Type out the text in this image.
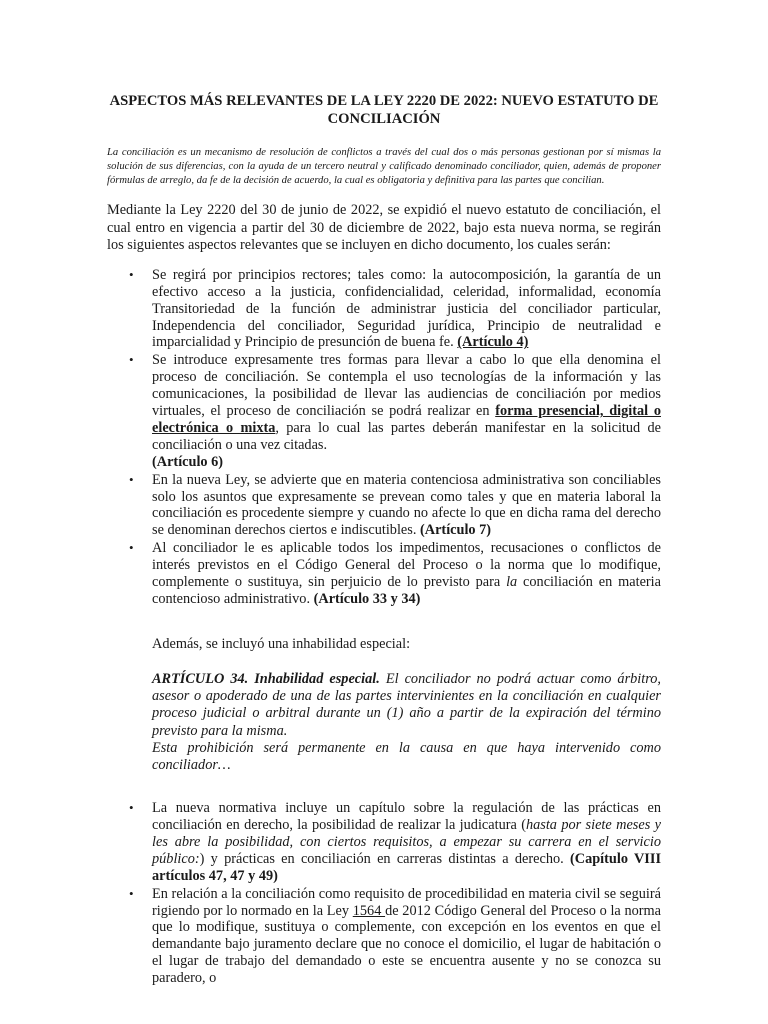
ASPECTOS MÁS RELEVANTES DE LA LEY 2220 DE 2022: NUEVO ESTATUTO DE CONCILIACIÓN

La conciliación es un mecanismo de resolución de conflictos a través del cual dos o más personas gestionan por sí mismas la solución de sus diferencias, con la ayuda de un tercero neutral y calificado denominado conciliador, quien, además de proponer fórmulas de arreglo, da fe de la decisión de acuerdo, la cual es obligatoria y definitiva para las partes que concilian.

Mediante la Ley 2220 del 30 de junio de 2022, se expidió el nuevo estatuto de conciliación, el cual entro en vigencia a partir del 30 de diciembre de 2022, bajo esta nueva norma, se regirán los siguientes aspectos relevantes que se incluyen en dicho documento, los cuales serán:

• Se regirá por principios rectores; tales como: la autocomposición, la garantía de un efectivo acceso a la justicia, confidencialidad, celeridad, informalidad, economía Transitoriedad de la función de administrar justicia del conciliador particular, Independencia del conciliador, Seguridad jurídica, Principio de neutralidad e imparcialidad y Principio de presunción de buena fe. (Artículo 4)
• Se introduce expresamente tres formas para llevar a cabo lo que ella denomina el proceso de conciliación. Se contempla el uso tecnologías de la información y las comunicaciones, la posibilidad de llevar las audiencias de conciliación por medios virtuales, el proceso de conciliación se podrá realizar en forma presencial, digital o electrónica o mixta, para lo cual las partes deberán manifestar en la solicitud de conciliación o una vez citadas.
(Artículo 6)
• En la nueva Ley, se advierte que en materia contenciosa administrativa son conciliables solo los asuntos que expresamente se prevean como tales y que en materia laboral la conciliación es procedente siempre y cuando no afecte lo que en dicha rama del derecho se denominan derechos ciertos e indiscutibles. (Artículo 7)
• Al conciliador le es aplicable todos los impedimentos, recusaciones o conflictos de interés previstos en el Código General del Proceso o la norma que lo modifique, complemente o sustituya, sin perjuicio de lo previsto para la conciliación en materia contencioso administrativo. (Artículo 33 y 34)

Además, se incluyó una inhabilidad especial:

ARTÍCULO 34. Inhabilidad especial. El conciliador no podrá actuar como árbitro, asesor o apoderado de una de las partes intervinientes en la conciliación en cualquier proceso judicial o arbitral durante un (1) año a partir de la expiración del término previsto para la misma.
Esta prohibición será permanente en la causa en que haya intervenido como conciliador…
• La nueva normativa incluye un capítulo sobre la regulación de las prácticas en conciliación en derecho, la posibilidad de realizar la judicatura (hasta por siete meses y les abre la posibilidad, con ciertos requisitos, a empezar su carrera en el servicio público:) y prácticas en conciliación en carreras distintas a derecho. (Capítulo VIII artículos 47, 47 y 49)
• En relación a la conciliación como requisito de procedibilidad en materia civil se seguirá rigiendo por lo normado en la Ley 1564 de 2012 Código General del Proceso o la norma que lo modifique, sustituya o complemente, con excepción en los eventos en que el demandante bajo juramento declare que no conoce el domicilio, el lugar de habitación o el lugar de trabajo del demandado o este se encuentra ausente y no se conozca su paradero, o
